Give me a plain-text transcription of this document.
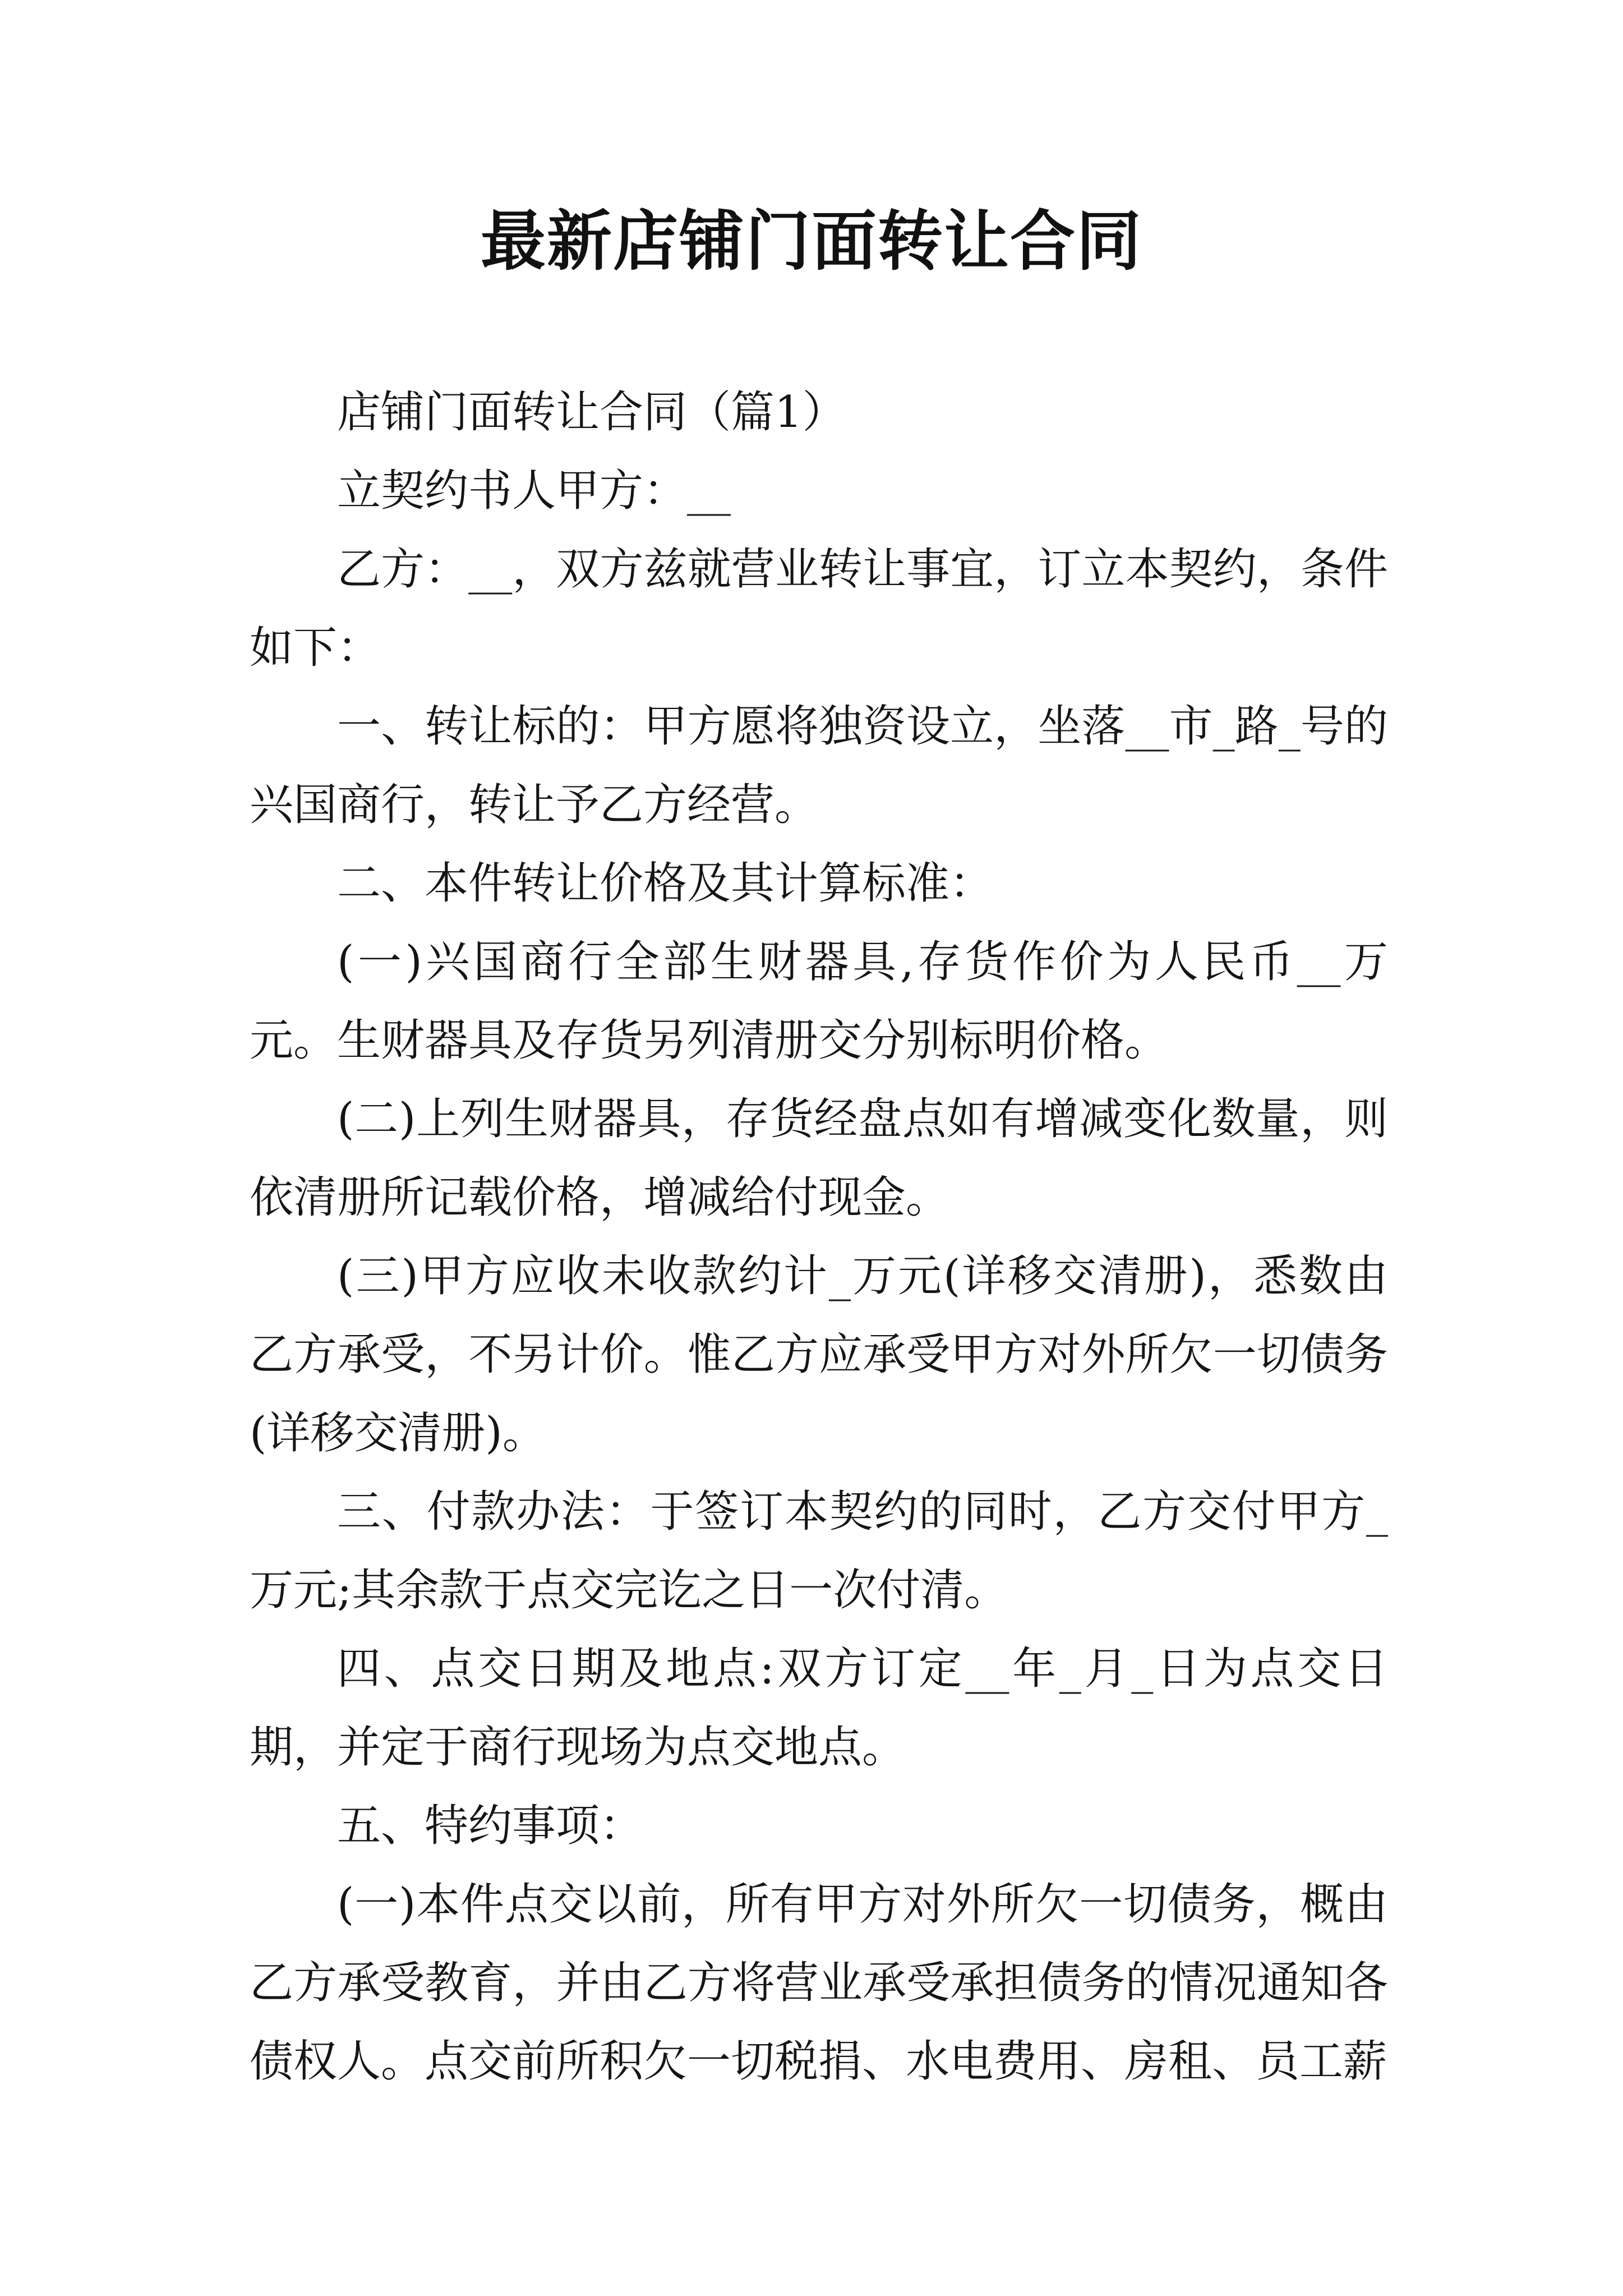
最新店铺门面转让合同

店铺门面转让合同（篇1）

立契约书人甲方：__

乙方：__，双方兹就营业转让事宜，订立本契约，条件如下：

一、转让标的：甲方愿将独资设立，坐落__市_路_号的兴国商行，转让予乙方经营。

二、本件转让价格及其计算标准：

(一)兴国商行全部生财器具,存货作价为人民币__万元。生财器具及存货另列清册交分别标明价格。

(二)上列生财器具，存货经盘点如有增减变化数量，则依清册所记载价格，增减给付现金。

(三)甲方应收未收款约计_万元(详移交清册)，悉数由乙方承受，不另计价。惟乙方应承受甲方对外所欠一切债务(详移交清册)。

三、付款办法：于签订本契约的同时，乙方交付甲方_万元;其余款于点交完讫之日一次付清。

四、点交日期及地点:双方订定__年_月_日为点交日期，并定于商行现场为点交地点。

五、特约事项：

(一)本件点交以前，所有甲方对外所欠一切债务，概由乙方承受教育，并由乙方将营业承受承担债务的情况通知各债权人。点交前所积欠一切税捐、水电费用、房租、员工薪
